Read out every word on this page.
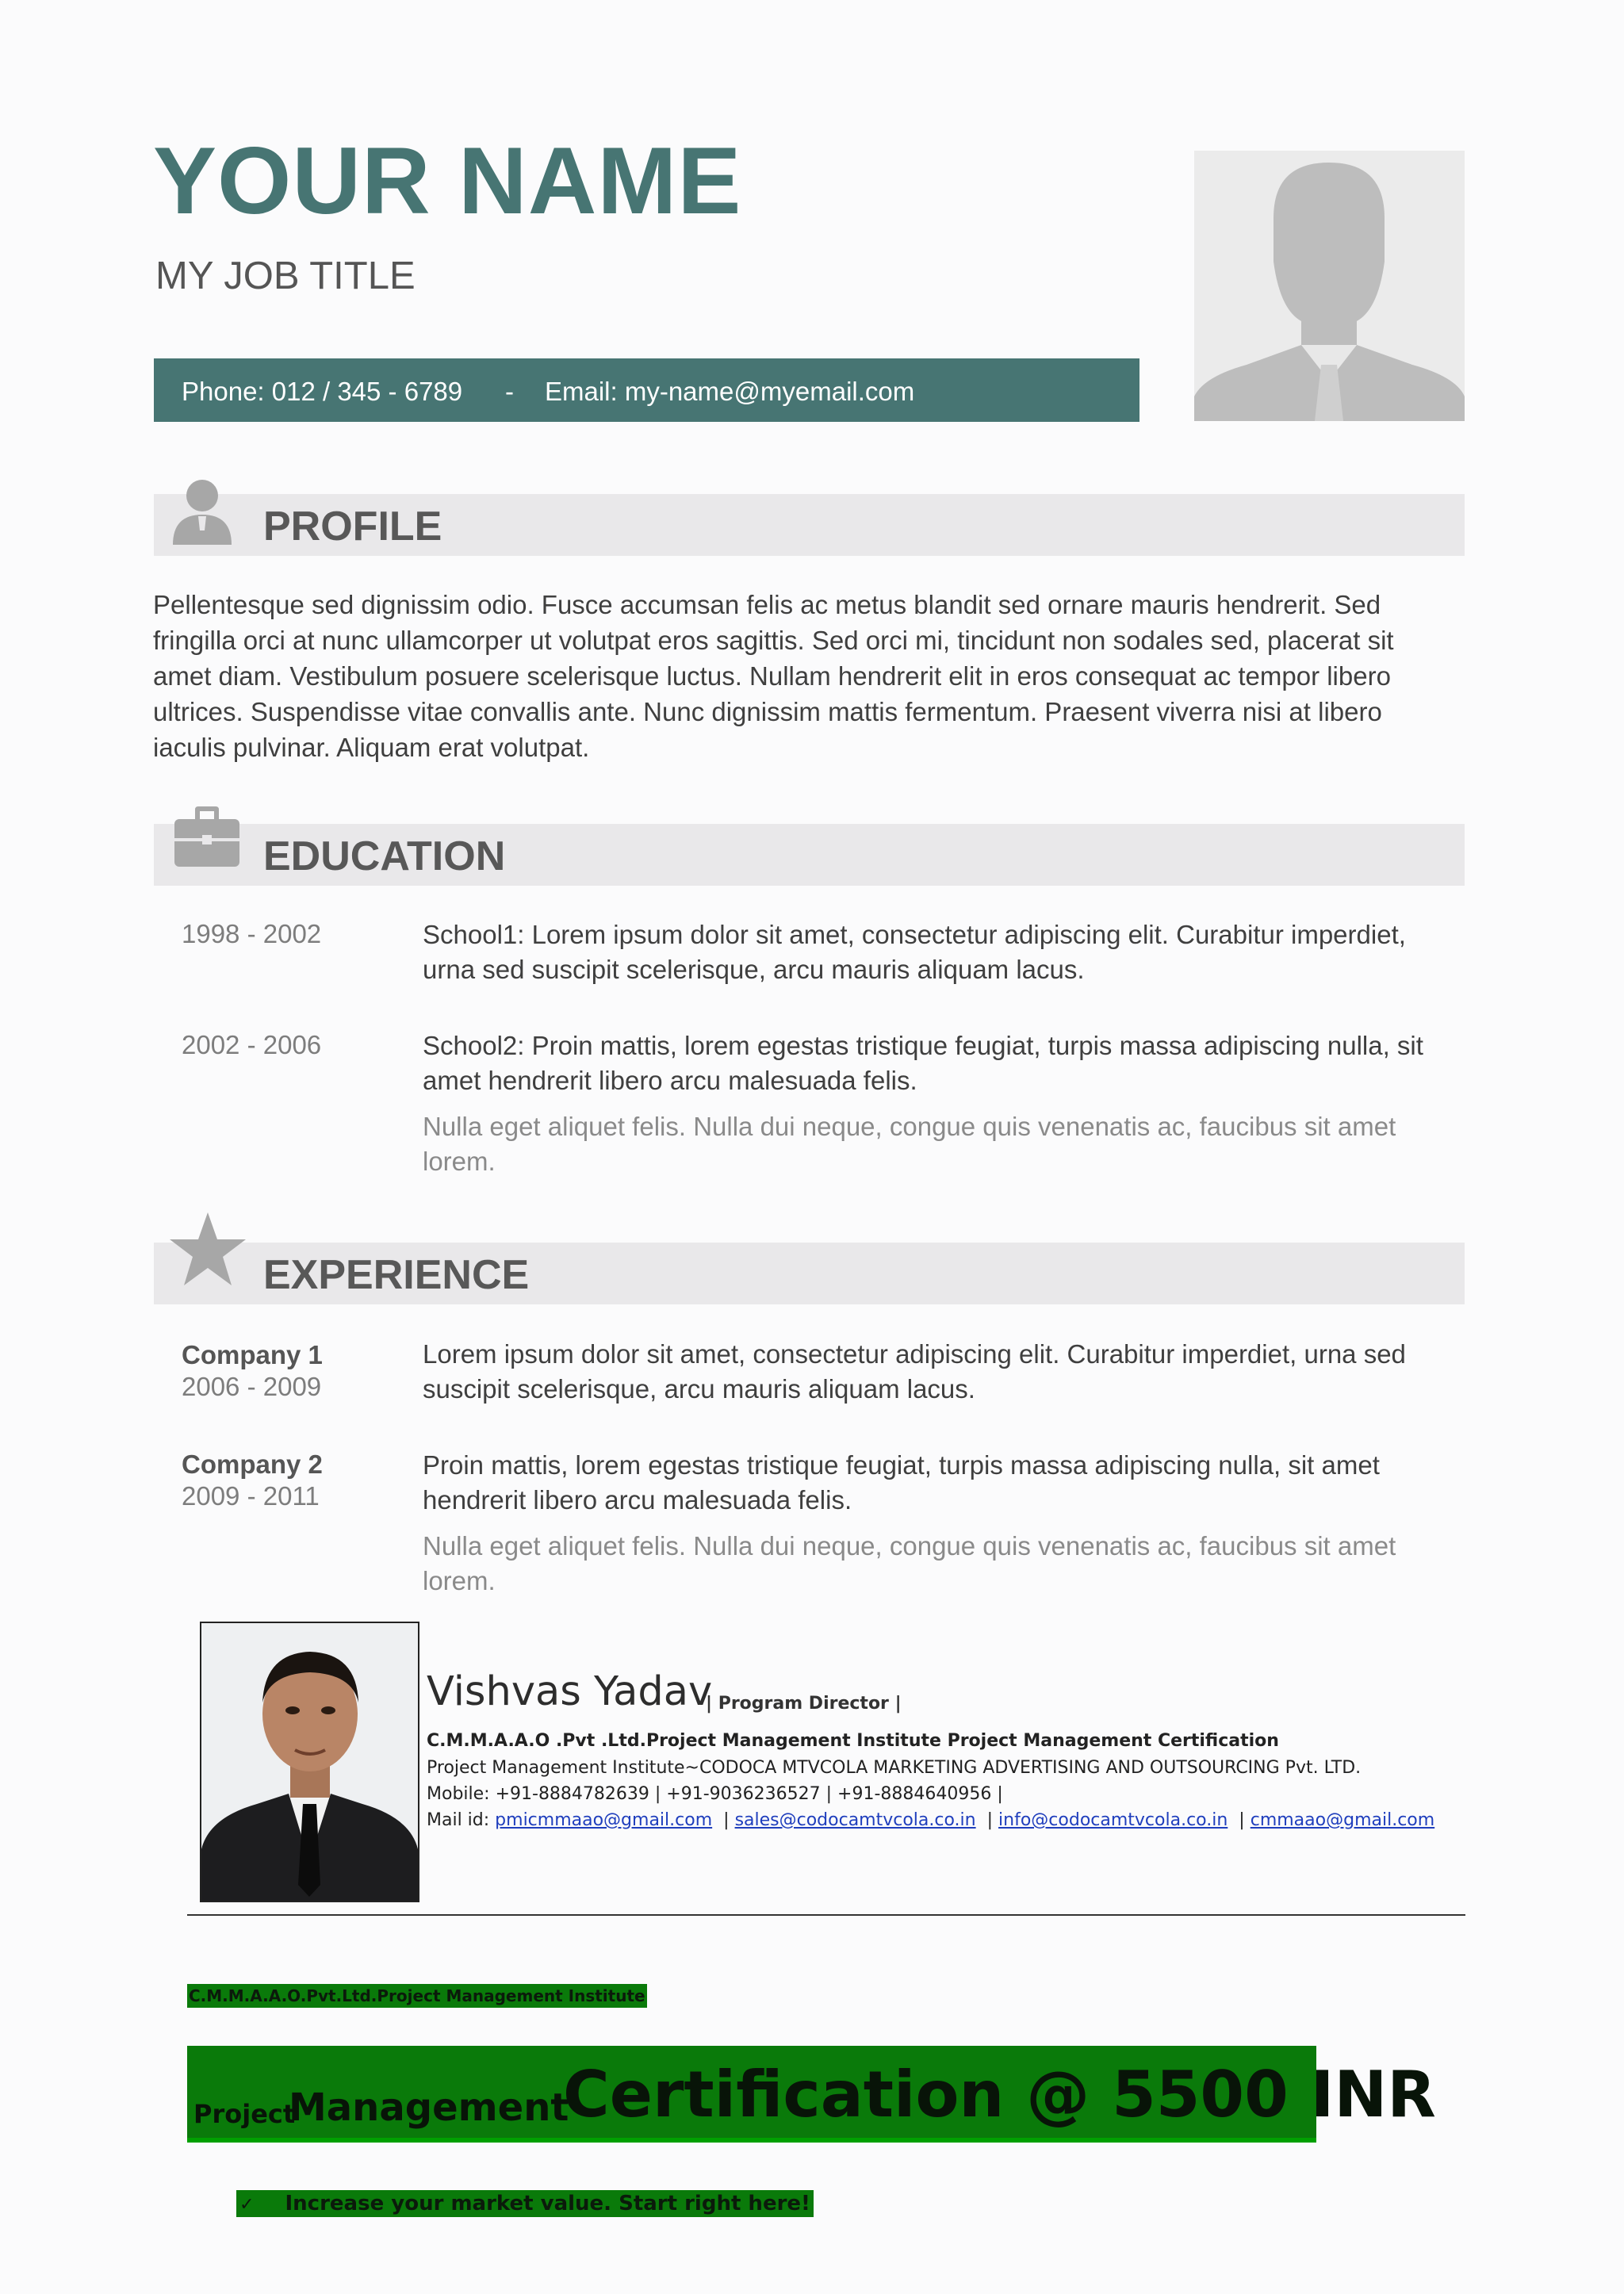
YOUR NAME
MY JOB TITLE
Phone: 012 / 345 - 6789 - Email: my-name@myemail.com
PROFILE
Pellentesque sed dignissim odio. Fusce accumsan felis ac metus blandit sed ornare mauris hendrerit. Sed
fringilla orci at nunc ullamcorper ut volutpat eros sagittis. Sed orci mi, tincidunt non sodales sed, placerat sit
amet diam. Vestibulum posuere scelerisque luctus. Nullam hendrerit elit in eros consequat ac tempor libero
ultrices. Suspendisse vitae convallis ante. Nunc dignissim mattis fermentum. Praesent viverra nisi at libero
iaculis pulvinar. Aliquam erat volutpat.
EDUCATION
1998 - 2002	School1: Lorem ipsum dolor sit amet, consectetur adipiscing elit. Curabitur imperdiet,
urna sed suscipit scelerisque, arcu mauris aliquam lacus.
2002 - 2006	School2: Proin mattis, lorem egestas tristique feugiat, turpis massa adipiscing nulla, sit
amet hendrerit libero arcu malesuada felis.
Nulla eget aliquet felis. Nulla dui neque, congue quis venenatis ac, faucibus sit amet
lorem.
EXPERIENCE
Company 1
2006 - 2009
Lorem ipsum dolor sit amet, consectetur adipiscing elit. Curabitur imperdiet, urna sed
suscipit scelerisque, arcu mauris aliquam lacus.
Company 2
2009 - 2011
Proin mattis, lorem egestas tristique feugiat, turpis massa adipiscing nulla, sit amet
hendrerit libero arcu malesuada felis.
Nulla eget aliquet felis. Nulla dui neque, congue quis venenatis ac, faucibus sit amet
lorem.
Vishvas Yadav
| Program Director |
C.M.M.A.A.O .Pvt .Ltd.Project Management Institute Project Management Certification
Project Management Institute~CODOCA MTVCOLA MARKETING ADVERTISING AND OUTSOURCING Pvt. LTD.
Mobile: +91-8884782639 | +91-9036236527 | +91-8884640956 |
Mail id: pmicmmaao@gmail.com | sales@codocamtvcola.co.in | info@codocamtvcola.co.in | cmmaao@gmail.com
C.M.M.A.A.O.Pvt.Ltd.Project Management Institute
Project
Management
Certification @ 5500 INR
✓ Increase your market value. Start right here!
